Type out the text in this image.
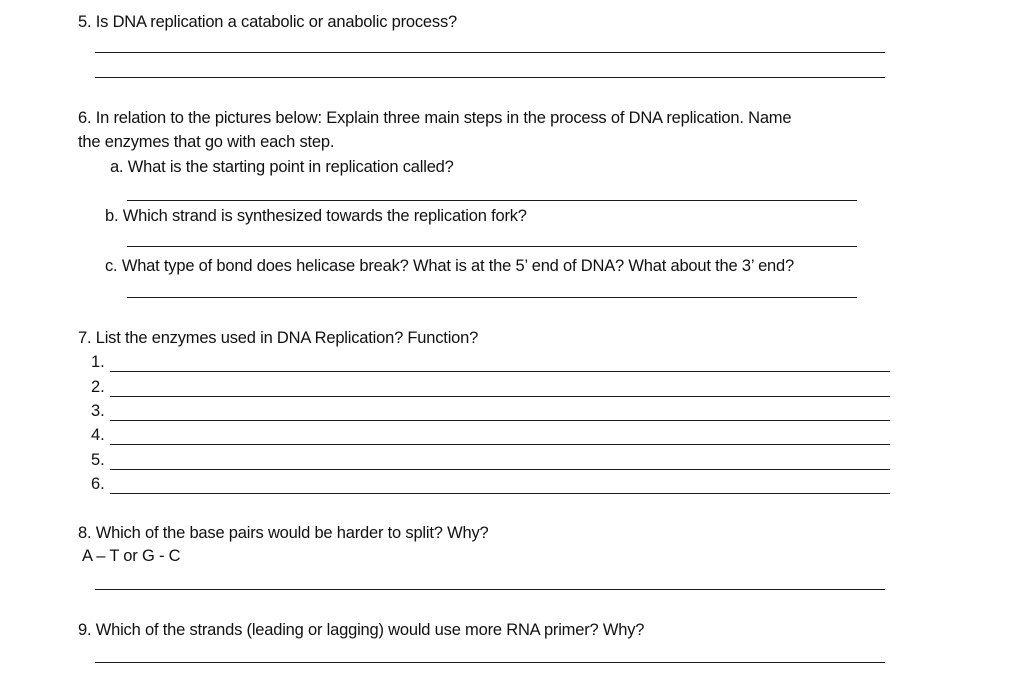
5. Is DNA replication a catabolic or anabolic process?
6. In relation to the pictures below: Explain three main steps in the process of DNA replication. Name
the enzymes that go with each step.
a. What is the starting point in replication called?
b. Which strand is synthesized towards the replication fork?
c. What type of bond does helicase break? What is at the 5’ end of DNA? What about the 3’ end?
7. List the enzymes used in DNA Replication? Function?
1.
2.
3.
4.
5.
6.
8. Which of the base pairs would be harder to split? Why?
A – T or G - C
9. Which of the strands (leading or lagging) would use more RNA primer? Why?
